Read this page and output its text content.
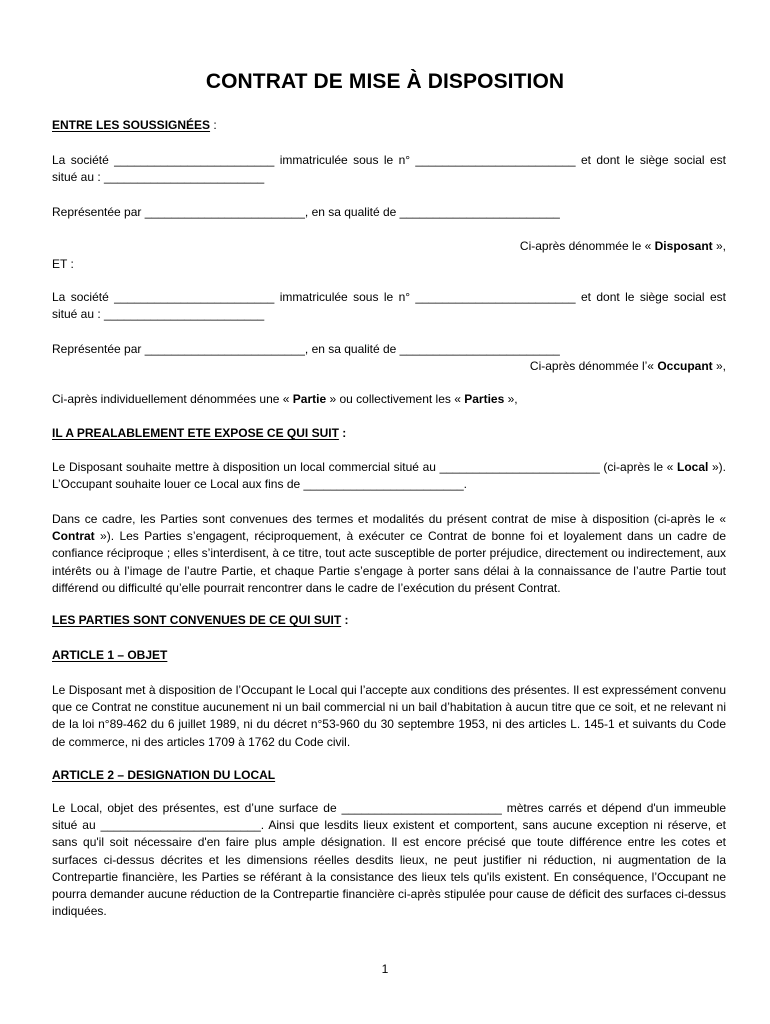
CONTRAT DE MISE À DISPOSITION

ENTRE LES SOUSSIGNÉES :

La société ________________________ immatriculée sous le n° ________________________ et dont le siège social est situé au : ________________________

Représentée par ________________________, en sa qualité de ________________________

Ci-après dénommée le « Disposant »,

ET :

La société ________________________ immatriculée sous le n° ________________________ et dont le siège social est situé au : ________________________

Représentée par ________________________, en sa qualité de ________________________

Ci-après dénommée l’« Occupant »,

Ci-après individuellement dénommées une « Partie » ou collectivement les « Parties »,

IL A PREALABLEMENT ETE EXPOSE CE QUI SUIT :

Le Disposant souhaite mettre à disposition un local commercial situé au ________________________ (ci-après le « Local »). L’Occupant souhaite louer ce Local aux fins de ________________________.

Dans ce cadre, les Parties sont convenues des termes et modalités du présent contrat de mise à disposition (ci-après le « Contrat »). Les Parties s’engagent, réciproquement, à exécuter ce Contrat de bonne foi et loyalement dans un cadre de confiance réciproque ; elles s’interdisent, à ce titre, tout acte susceptible de porter préjudice, directement ou indirectement, aux intérêts ou à l’image de l’autre Partie, et chaque Partie s’engage à porter sans délai à la connaissance de l’autre Partie tout différend ou difficulté qu’elle pourrait rencontrer dans le cadre de l’exécution du présent Contrat.

LES PARTIES SONT CONVENUES DE CE QUI SUIT :

ARTICLE 1 – OBJET

Le Disposant met à disposition de l’Occupant le Local qui l’accepte aux conditions des présentes. Il est expressément convenu que ce Contrat ne constitue aucunement ni un bail commercial ni un bail d’habitation à aucun titre que ce soit, et ne relevant ni de la loi n°89-462 du 6 juillet 1989, ni du décret n°53-960 du 30 septembre 1953, ni des articles L. 145-1 et suivants du Code de commerce, ni des articles 1709 à 1762 du Code civil.

ARTICLE 2 – DESIGNATION DU LOCAL

Le Local, objet des présentes, est d’une surface de ________________________ mètres carrés et dépend d'un immeuble situé au ________________________. Ainsi que lesdits lieux existent et comportent, sans aucune exception ni réserve, et sans qu'il soit nécessaire d'en faire plus ample désignation. Il est encore précisé que toute différence entre les cotes et surfaces ci-dessus décrites et les dimensions réelles desdits lieux, ne peut justifier ni réduction, ni augmentation de la Contrepartie financière, les Parties se référant à la consistance des lieux tels qu'ils existent. En conséquence, l’Occupant ne pourra demander aucune réduction de la Contrepartie financière ci-après stipulée pour cause de déficit des surfaces ci-dessus indiquées.

1
